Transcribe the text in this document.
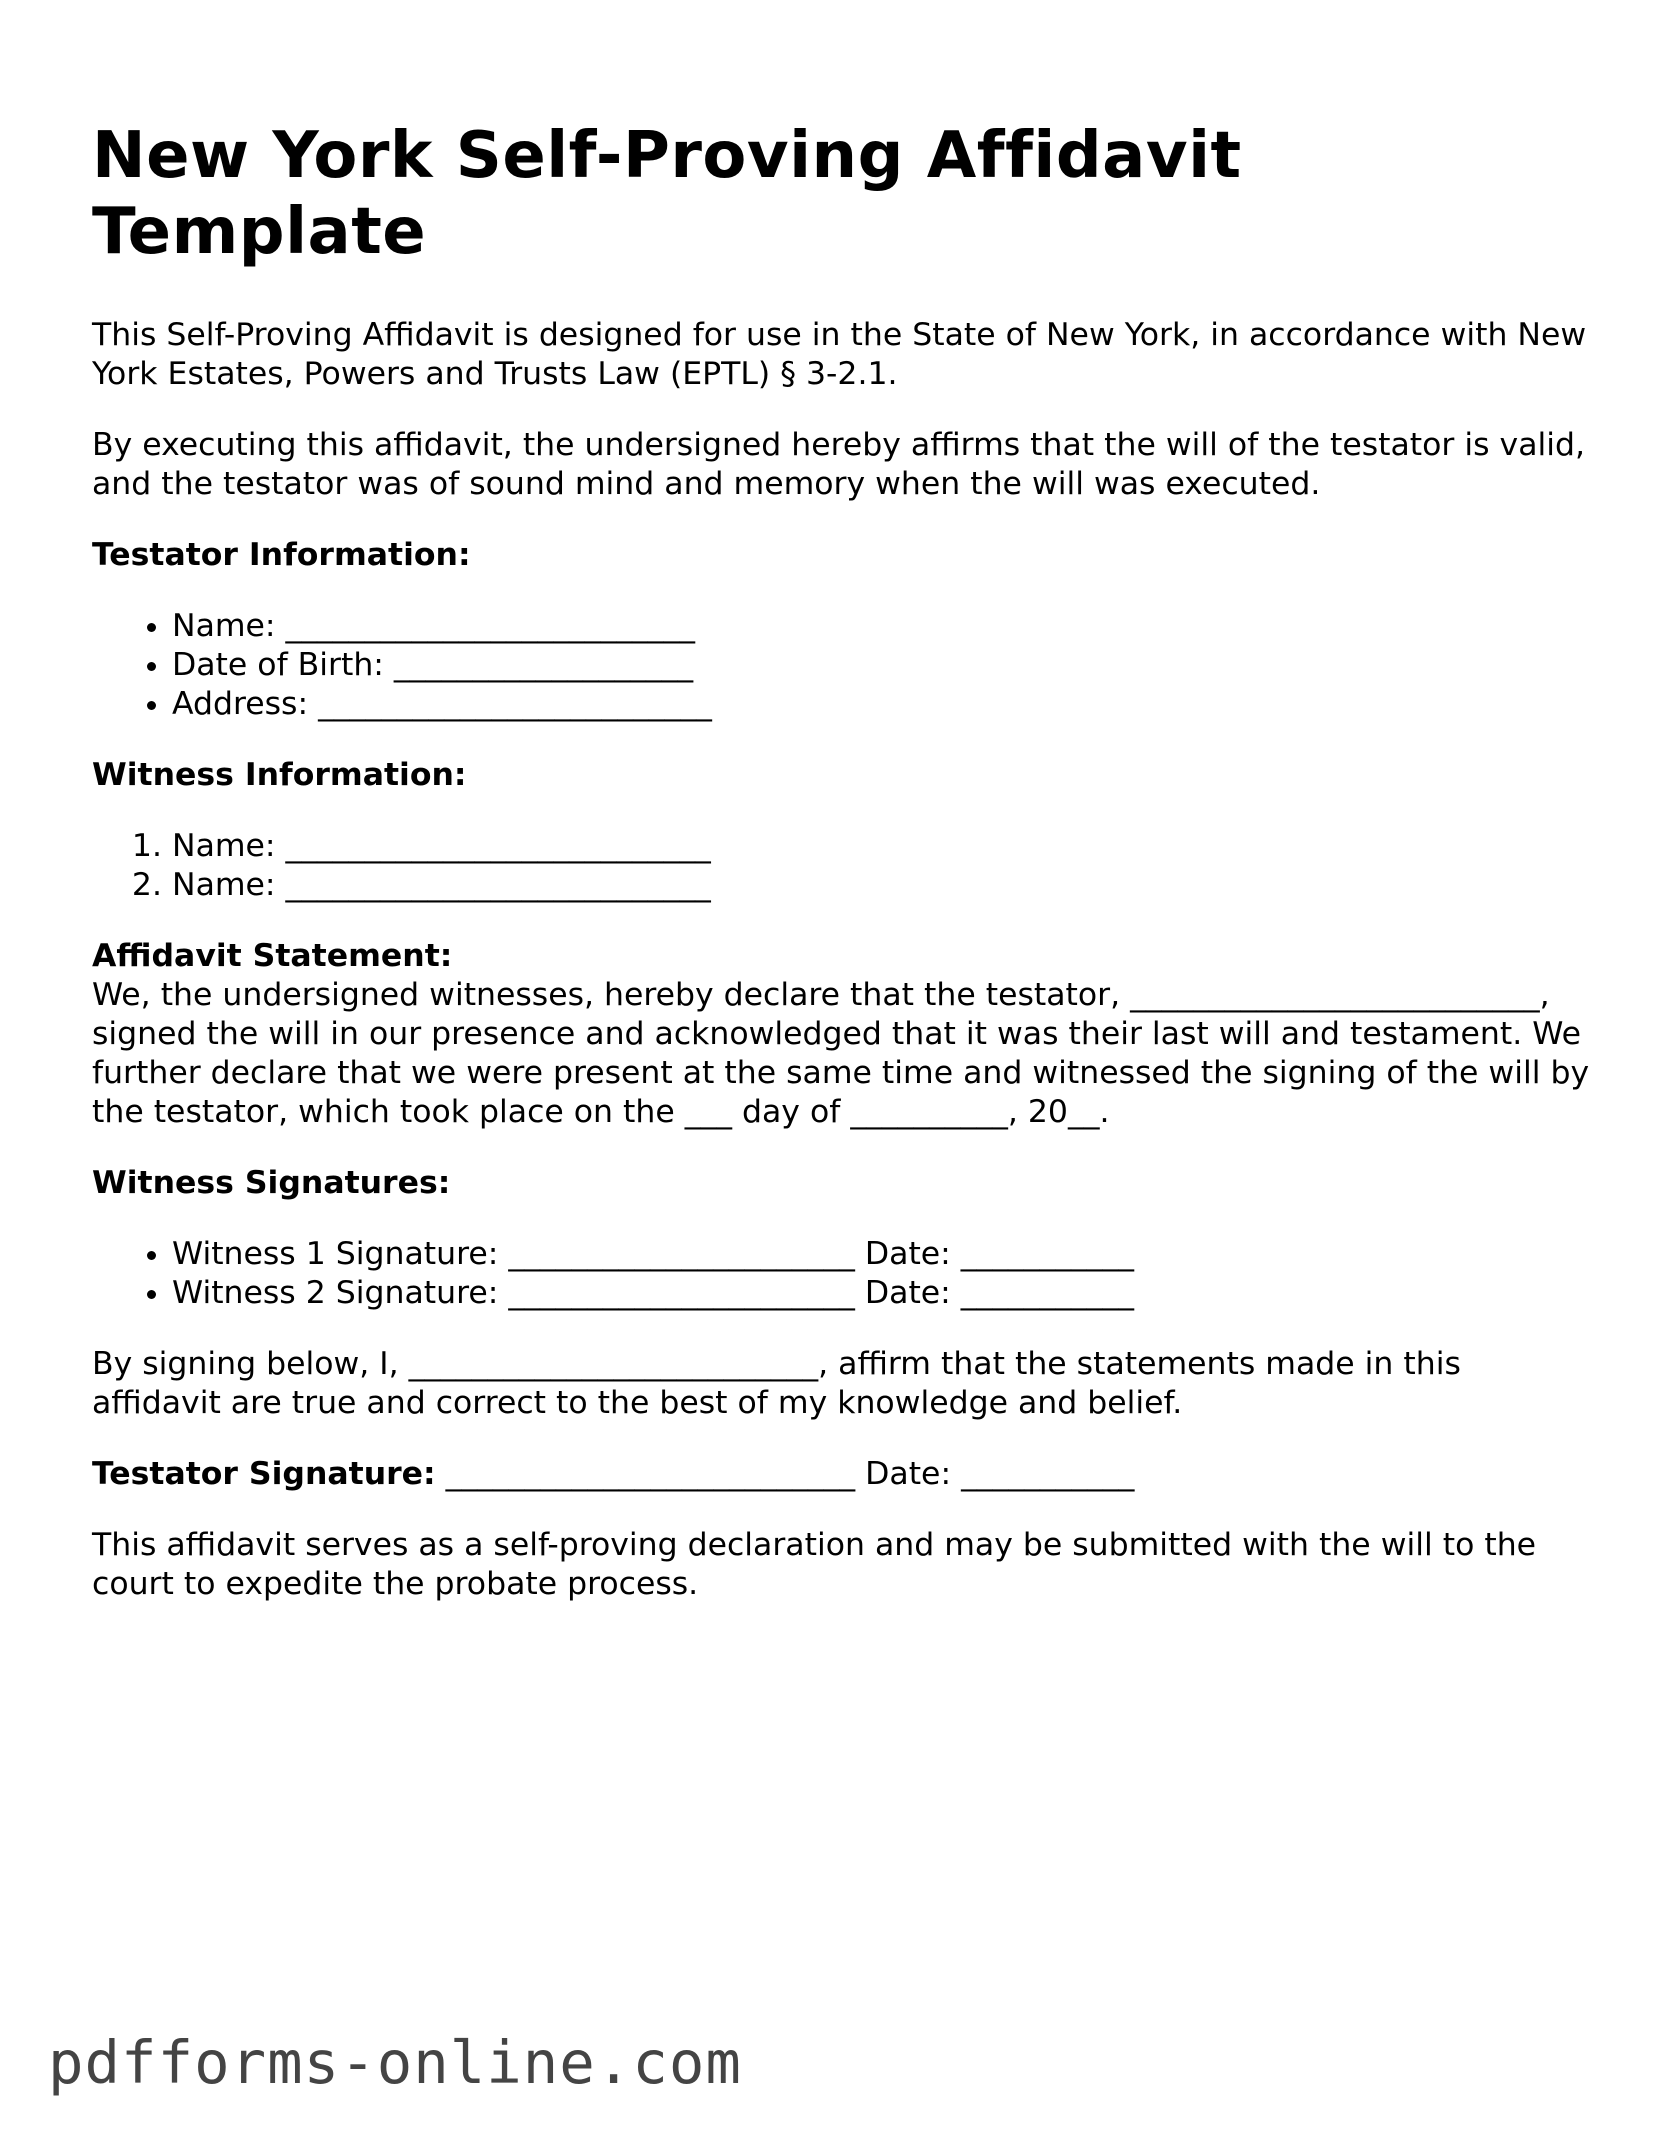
New York Self-Proving Affidavit Template

This Self-Proving Affidavit is designed for use in the State of New York, in accordance with New York Estates, Powers and Trusts Law (EPTL) § 3-2.1.

By executing this affidavit, the undersigned hereby affirms that the will of the testator is valid, and the testator was of sound mind and memory when the will was executed.

Testator Information:
• Name: __________________________
• Date of Birth: ___________________
• Address: _________________________
Witness Information:
1. Name: ___________________________
2. Name: ___________________________
Affidavit Statement:

We, the undersigned witnesses, hereby declare that the testator, __________________________, signed the will in our presence and acknowledged that it was their last will and testament. We further declare that we were present at the same time and witnessed the signing of the will by the testator, which took place on the ___ day of __________, 20__.

Witness Signatures:
• Witness 1 Signature: ______________________ Date: ___________
• Witness 2 Signature: ______________________ Date: ___________

By signing below, I, __________________________, affirm that the statements made in this affidavit are true and correct to the best of my knowledge and belief.

Testator Signature: __________________________ Date: ___________

This affidavit serves as a self-proving declaration and may be submitted with the will to the court to expedite the probate process.

pdfforms-online.com
